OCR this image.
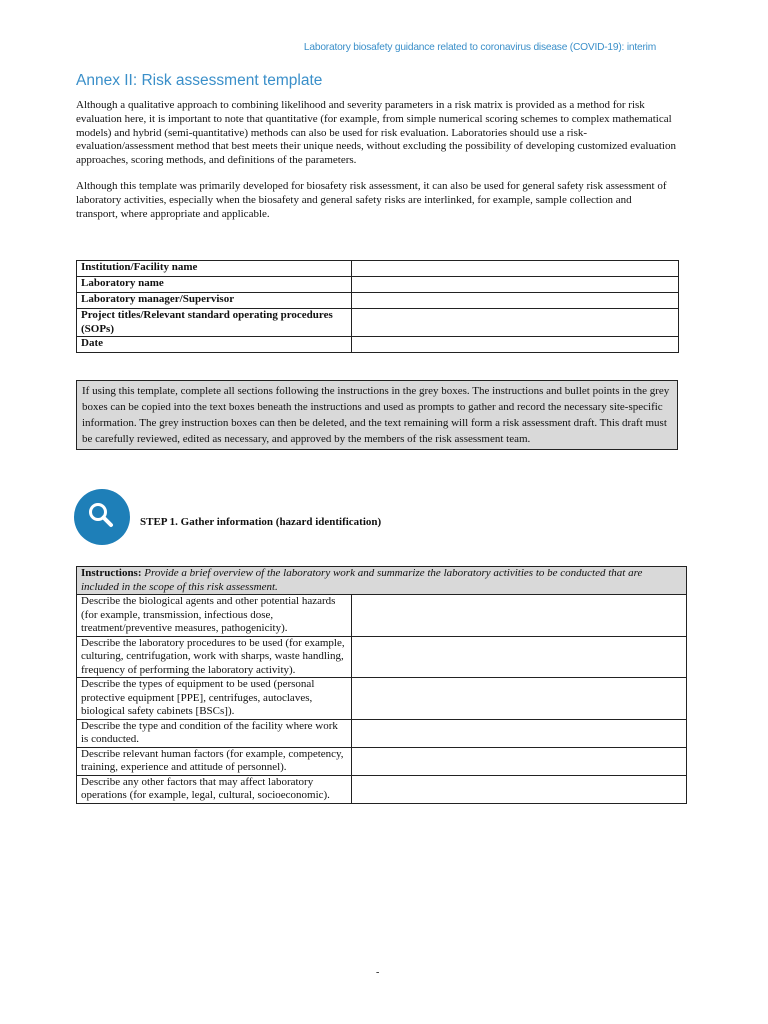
Laboratory biosafety guidance related to coronavirus disease (COVID-19): interim
Annex II: Risk assessment template

Although a qualitative approach to combining likelihood and severity parameters in a risk matrix is provided as a method for risk evaluation here, it is important to note that quantitative (for example, from simple numerical scoring schemes to complex mathematical models) and hybrid (semi-quantitative) methods can also be used for risk evaluation. Laboratories should use a risk-evaluation/assessment method that best meets their unique needs, without excluding the possibility of developing customized evaluation approaches, scoring methods, and definitions of the parameters.

Although this template was primarily developed for biosafety risk assessment, it can also be used for general safety risk assessment of laboratory activities, especially when the biosafety and general safety risks are interlinked, for example, sample collection and transport, where appropriate and applicable.

Institution/Facility name	
Laboratory name	
Laboratory manager/Supervisor	
Project titles/Relevant standard operating procedures (SOPs)	
Date	
If using this template, complete all sections following the instructions in the grey boxes. The instructions and bullet points in the grey boxes can be copied into the text boxes beneath the instructions and used as prompts to gather and record the necessary site-specific information. The grey instruction boxes can then be deleted, and the text remaining will form a risk assessment draft. This draft must be carefully reviewed, edited as necessary, and approved by the members of the risk assessment team.
STEP 1. Gather information (hazard identification)
Instructions: Provide a brief overview of the laboratory work and summarize the laboratory activities to be conducted that are included in the scope of this risk assessment.	
Describe the biological agents and other potential hazards (for example, transmission, infectious dose, treatment/preventive measures, pathogenicity).	
Describe the laboratory procedures to be used (for example, culturing, centrifugation, work with sharps, waste handling, frequency of performing the laboratory activity).	
Describe the types of equipment to be used (personal protective equipment [PPE], centrifuges, autoclaves, biological safety cabinets [BSCs]).	
Describe the type and condition of the facility where work is conducted.	
Describe relevant human factors (for example, competency, training, experience and attitude of personnel).	
Describe any other factors that may affect laboratory operations (for example, legal, cultural, socioeconomic).	
-
